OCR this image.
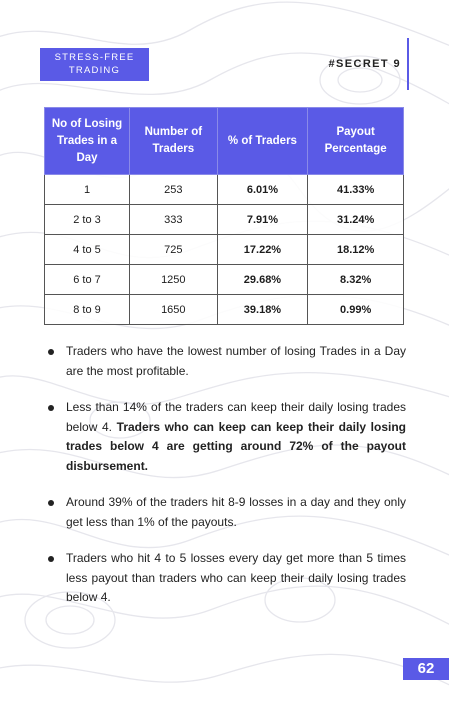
STRESS-FREE
TRADING
#SECRET 9
No of Losing Trades in a Day	Number of Traders	% of Traders	Payout Percentage
1	253	6.01%	41.33%
2 to 3	333	7.91%	31.24%
4 to 5	725	17.22%	18.12%
6 to 7	1250	29.68%	8.32%
8 to 9	1650	39.18%	0.99%
Traders who have the lowest number of losing Trades in a Day are the most profitable.
Less than 14% of the traders can keep their daily losing trades below 4. Traders who can keep can keep their daily losing trades below 4 are getting around 72% of the payout disbursement.
Around 39% of the traders hit 8-9 losses in a day and they only get less than 1% of the payouts.
Traders who hit 4 to 5 losses every day get more than 5 times less payout than traders who can keep their daily losing trades below 4.
62
